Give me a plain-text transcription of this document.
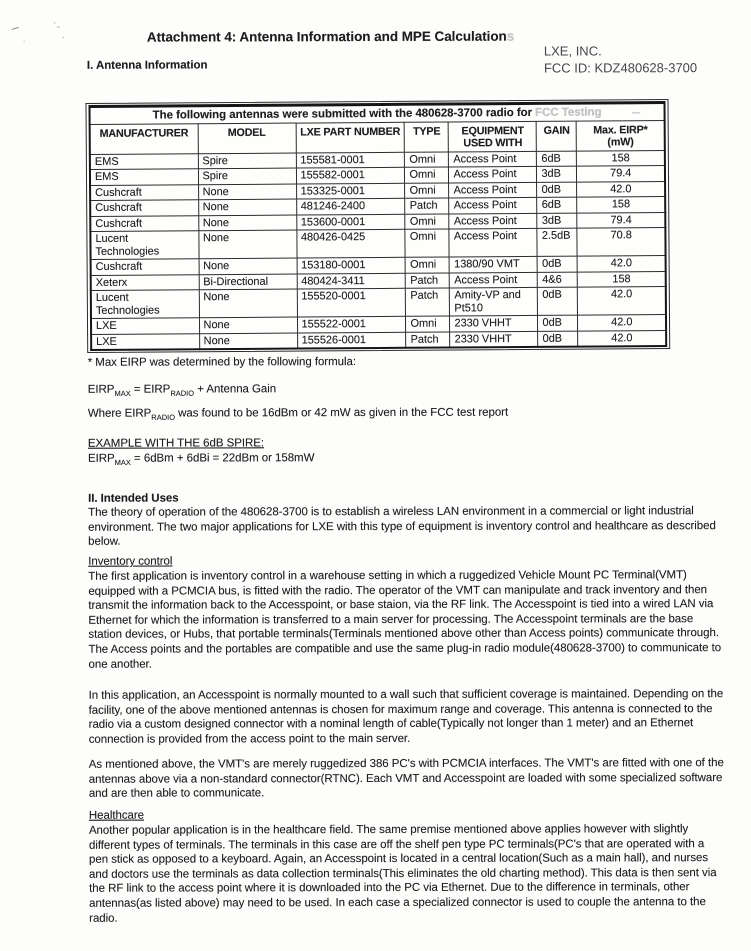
·ˍ
.
.	Attachment 4: Antenna Information and MPE Calculations
I. Antenna Information
LXE, INC.
FCC ID: KDZ480628-3700
The following antennas were submitted with the 480628-3700 radio for FCC Testing						
MANUFACTURER	MODEL	LXE PART NUMBER	TYPE	EQUIPMENT USED WITH	GAIN	Max. EIRP*
(mW)
EMS	Spire	155581-0001	Omni	Access Point	6dB	158
EMS	Spire	155582-0001	Omni	Access Point	3dB	79.4
Cushcraft	None	153325-0001	Omni	Access Point	0dB	42.0
Cushcraft	None	481246-2400	Patch	Access Point	6dB	158
Cushcraft	None	153600-0001	Omni	Access Point	3dB	79.4
Lucent Technologies	None	480426-0425	Omni	Access Point	2.5dB	70.8
Cushcraft	None	153180-0001	Omni	1380/90 VMT	0dB	42.0
Xeterx	Bi-Directional	480424-3411	Patch	Access Point	4&6	158
Lucent Technologies	None	155520-0001	Patch	Amity-VP and Pt510	0dB	42.0
LXE	None	155522-0001	Omni	2330 VHHT	0dB	42.0
LXE	None	155526-0001	Patch	2330 VHHT	0dB	42.0
* Max EIRP was determined by the following formula:
$EIRP_{MAX}$ = $EIRP_{RADIO}$ + Antenna Gain
Where $EIRP_{RADIO}$ was found to be 16dBm or 42 mW as given in the FCC test report
EXAMPLE WITH THE 6dB SPIRE:
$EIRP_{MAX} = 6dBm + 6dBi = 22dBm$ or 158mW
II. Intended Uses
The theory of operation of the 480628-3700 is to establish a wireless LAN environment in a commercial or light industrial environment. The two major applications for LXE with this type of equipment is inventory control and healthcare as described below.
Inventory control
The first application is inventory control in a warehouse setting in which a ruggedized Vehicle Mount PC Terminal(VMT) equipped with a PCMCIA bus, is fitted with the radio. The operator of the VMT can manipulate and track inventory and then transmit the information back to the Accesspoint, or base staion, via the RF link. The Accesspoint is tied into a wired LAN via Ethernet for which the information is transferred to a main server for processing. The Accesspoint terminals are the base station devices, or Hubs, that portable terminals(Terminals mentioned above other than Access points) communicate through. The Access points and the portables are compatible and use the same plug-in radio module(480628-3700) to communicate to one another.
In this application, an Accesspoint is normally mounted to a wall such that sufficient coverage is maintained. Depending on the facility, one of the above mentioned antennas is chosen for maximum range and coverage. This antenna is connected to the radio via a custom designed connector with a nominal length of cable(Typically not longer than 1 meter) and an Ethernet connection is provided from the access point to the main server.
As mentioned above, the VMT's are merely ruggedized 386 PC's with PCMCIA interfaces. The VMT's are fitted with one of the antennas above via a non-standard connector(RTNC). Each VMT and Accesspoint are loaded with some specialized software and are then able to communicate.
Healthcare
Another popular application is in the healthcare field. The same premise mentioned above applies however with slightly different types of terminals. The terminals in this case are off the shelf pen type PC terminals(PC's that are operated with a pen stick as opposed to a keyboard. Again, an Accesspoint is located in a central location(Such as a main hall), and nurses and doctors use the terminals as data collection terminals(This eliminates the old charting method). This data is then sent via the RF link to the access point where it is downloaded into the PC via Ethernet. Due to the difference in terminals, other antennas(as listed above) may need to be used. In each case a specialized connector is used to couple the antenna to the radio.
